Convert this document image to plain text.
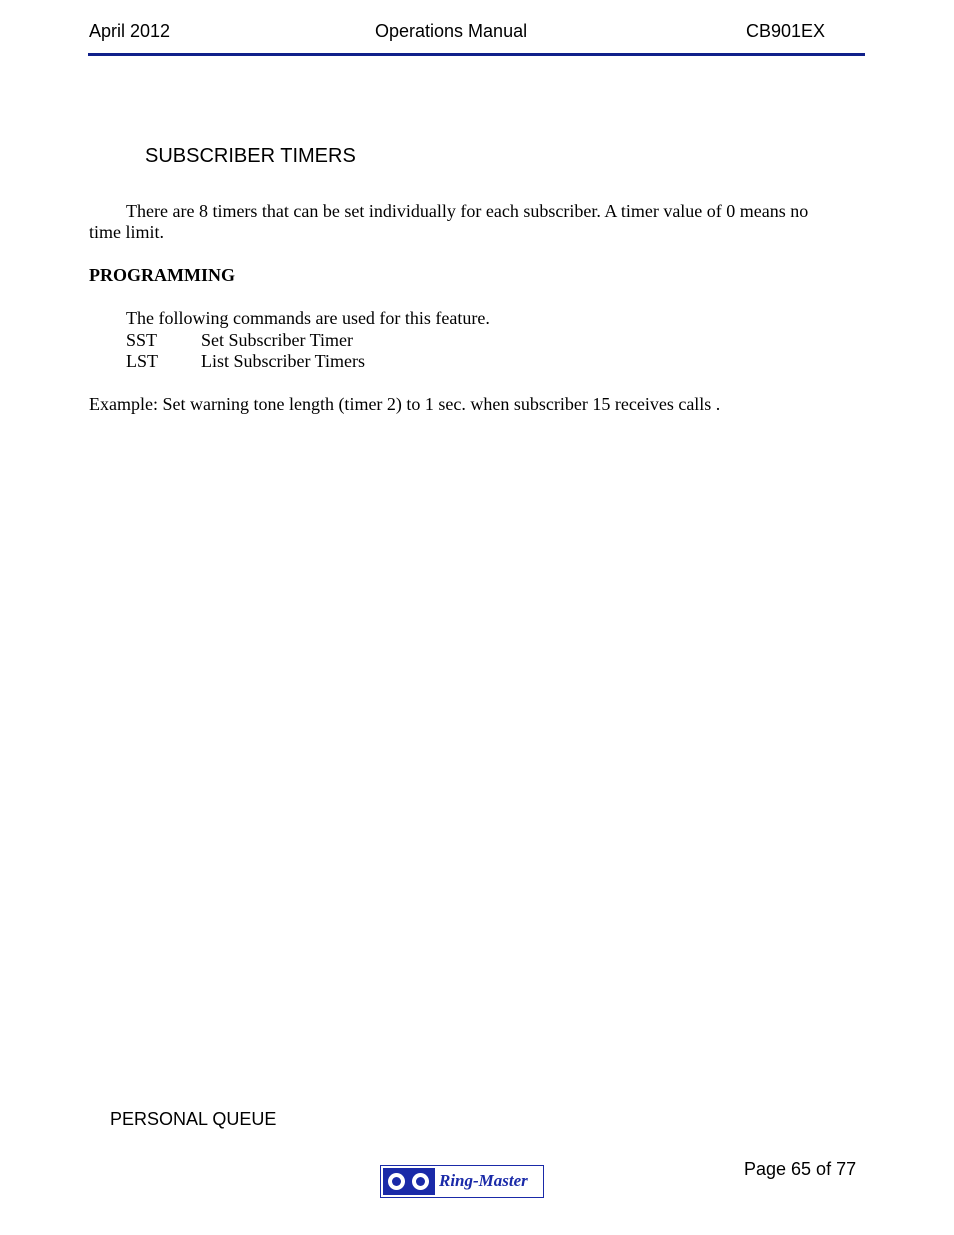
April 2012	Operations Manual	CB901EX
SUBSCRIBER TIMERS
There are 8 timers that can be set individually for each subscriber. A timer value of 0 means no
time limit.
PROGRAMMING
The following commands are used for this feature.
SST Set Subscriber Timer
LST List Subscriber Timers
Example: Set warning tone length (timer 2) to 1 sec. when subscriber 15 receives calls .
PERSONAL QUEUE
Page 65 of 77
Ring-Master
